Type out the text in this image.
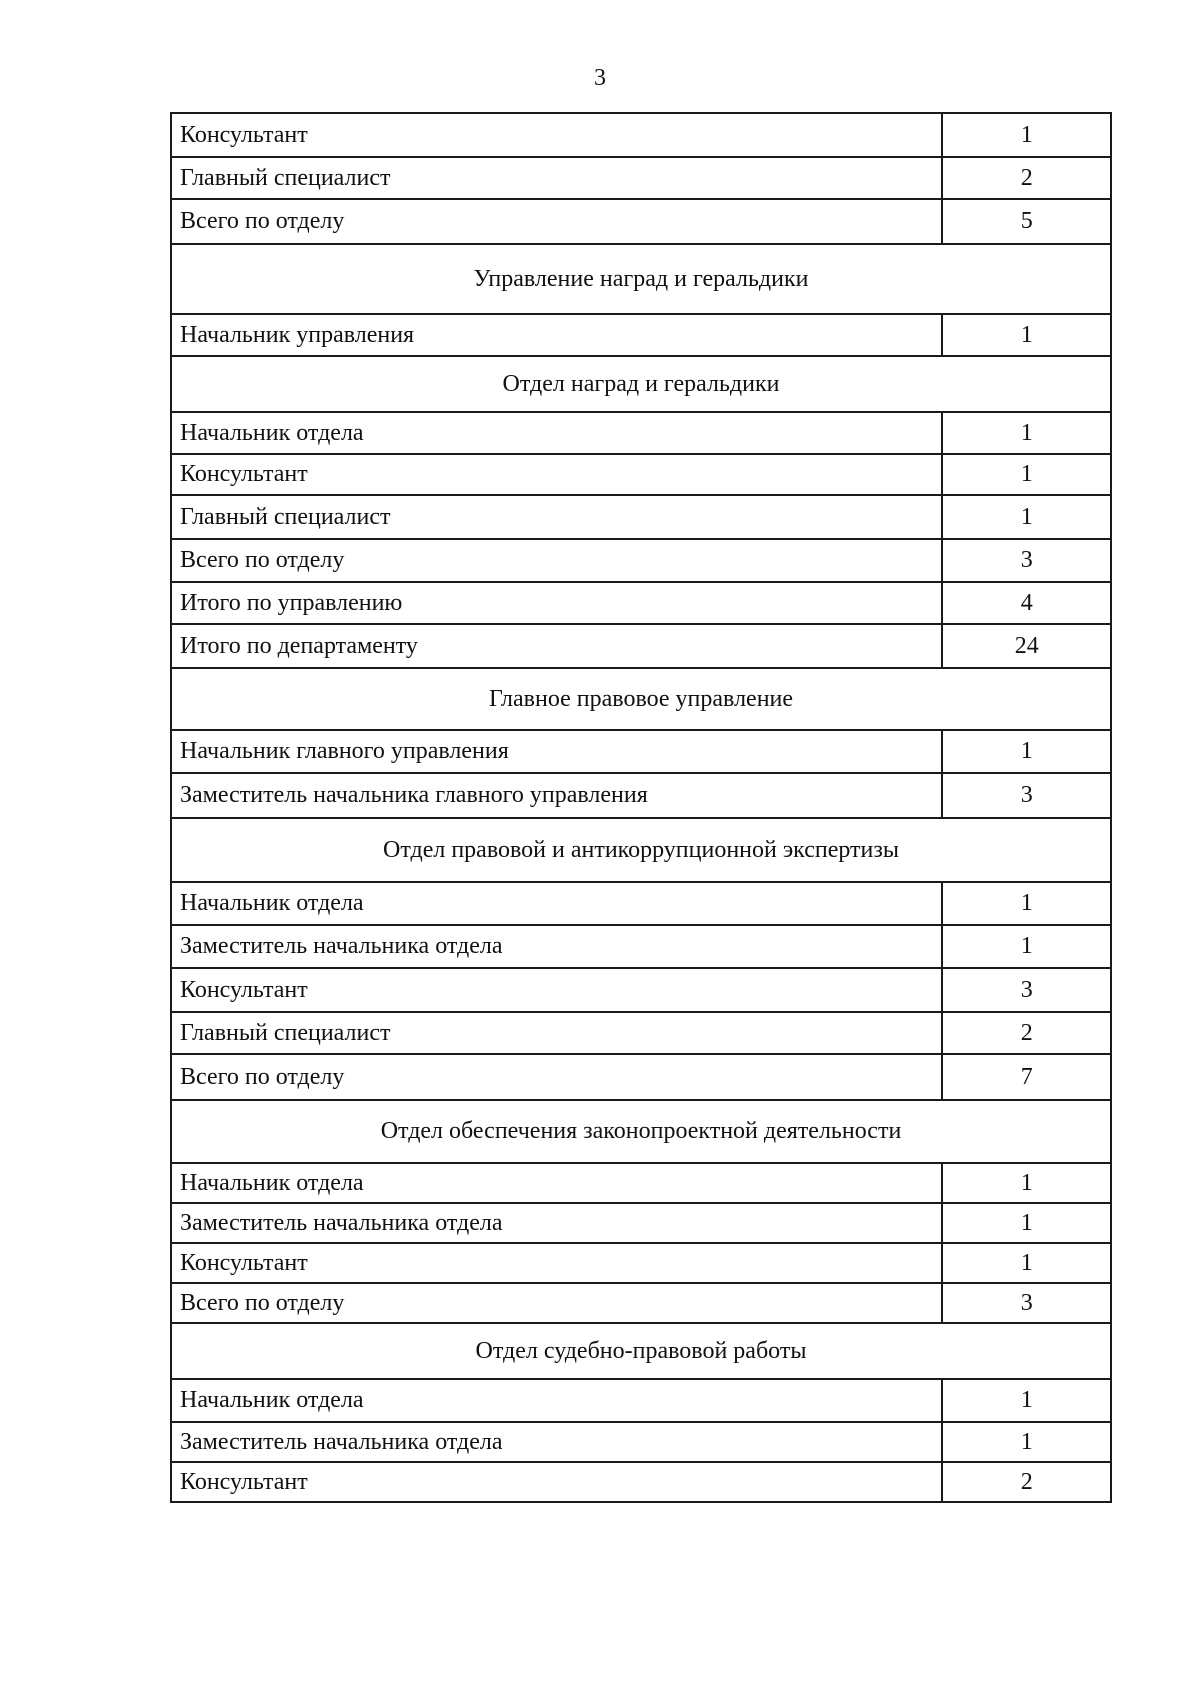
3
Консультант	1
Главный специалист	2
Всего по отделу	5
Управление наград и геральдики	
Начальник управления	1
Отдел наград и геральдики	
Начальник отдела	1
Консультант	1
Главный специалист	1
Всего по отделу	3
Итого по управлению	4
Итого по департаменту	24
Главное правовое управление	
Начальник главного управления	1
Заместитель начальника главного управления	3
Отдел правовой и антикоррупционной экспертизы	
Начальник отдела	1
Заместитель начальника отдела	1
Консультант	3
Главный специалист	2
Всего по отделу	7
Отдел обеспечения законопроектной деятельности	
Начальник отдела	1
Заместитель начальника отдела	1
Консультант	1
Всего по отделу	3
Отдел судебно-правовой работы	
Начальник отдела	1
Заместитель начальника отдела	1
Консультант	2
